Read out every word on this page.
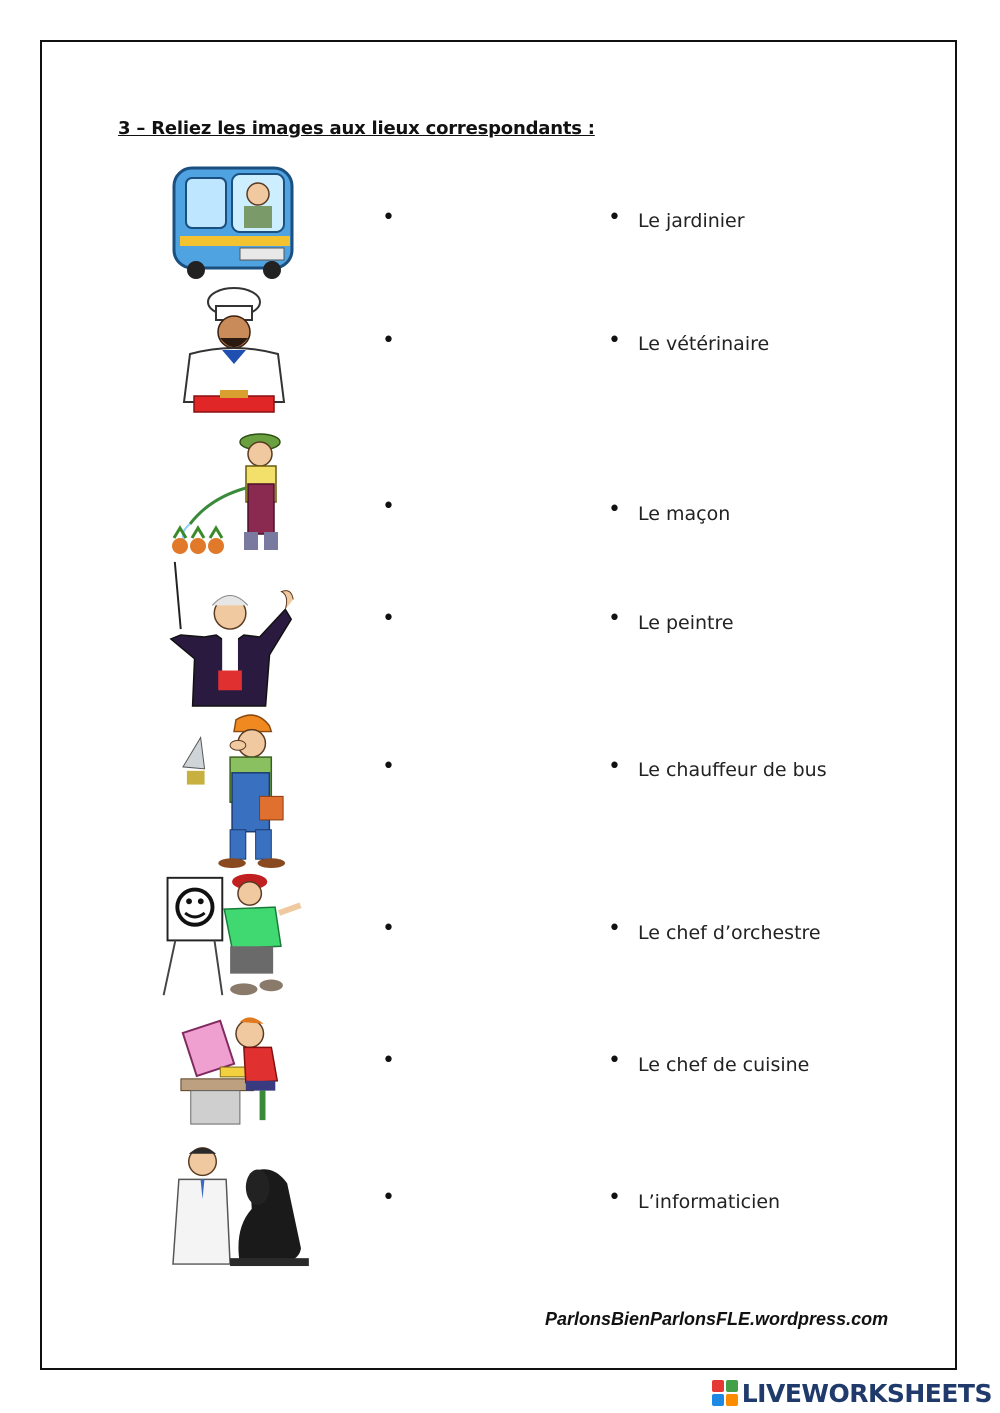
3 – Reliez les images aux lieux correspondants :
•	• Le jardinier
•	• Le vétérinaire
•	• Le maçon
•	• Le peintre
•	• Le chauffeur de bus
•	• Le chef d’orchestre
•	• Le chef de cuisine
•	• L’informaticien
ParlonsBienParlonsFLE.wordpress.com
LIVEWORKSHEETS
